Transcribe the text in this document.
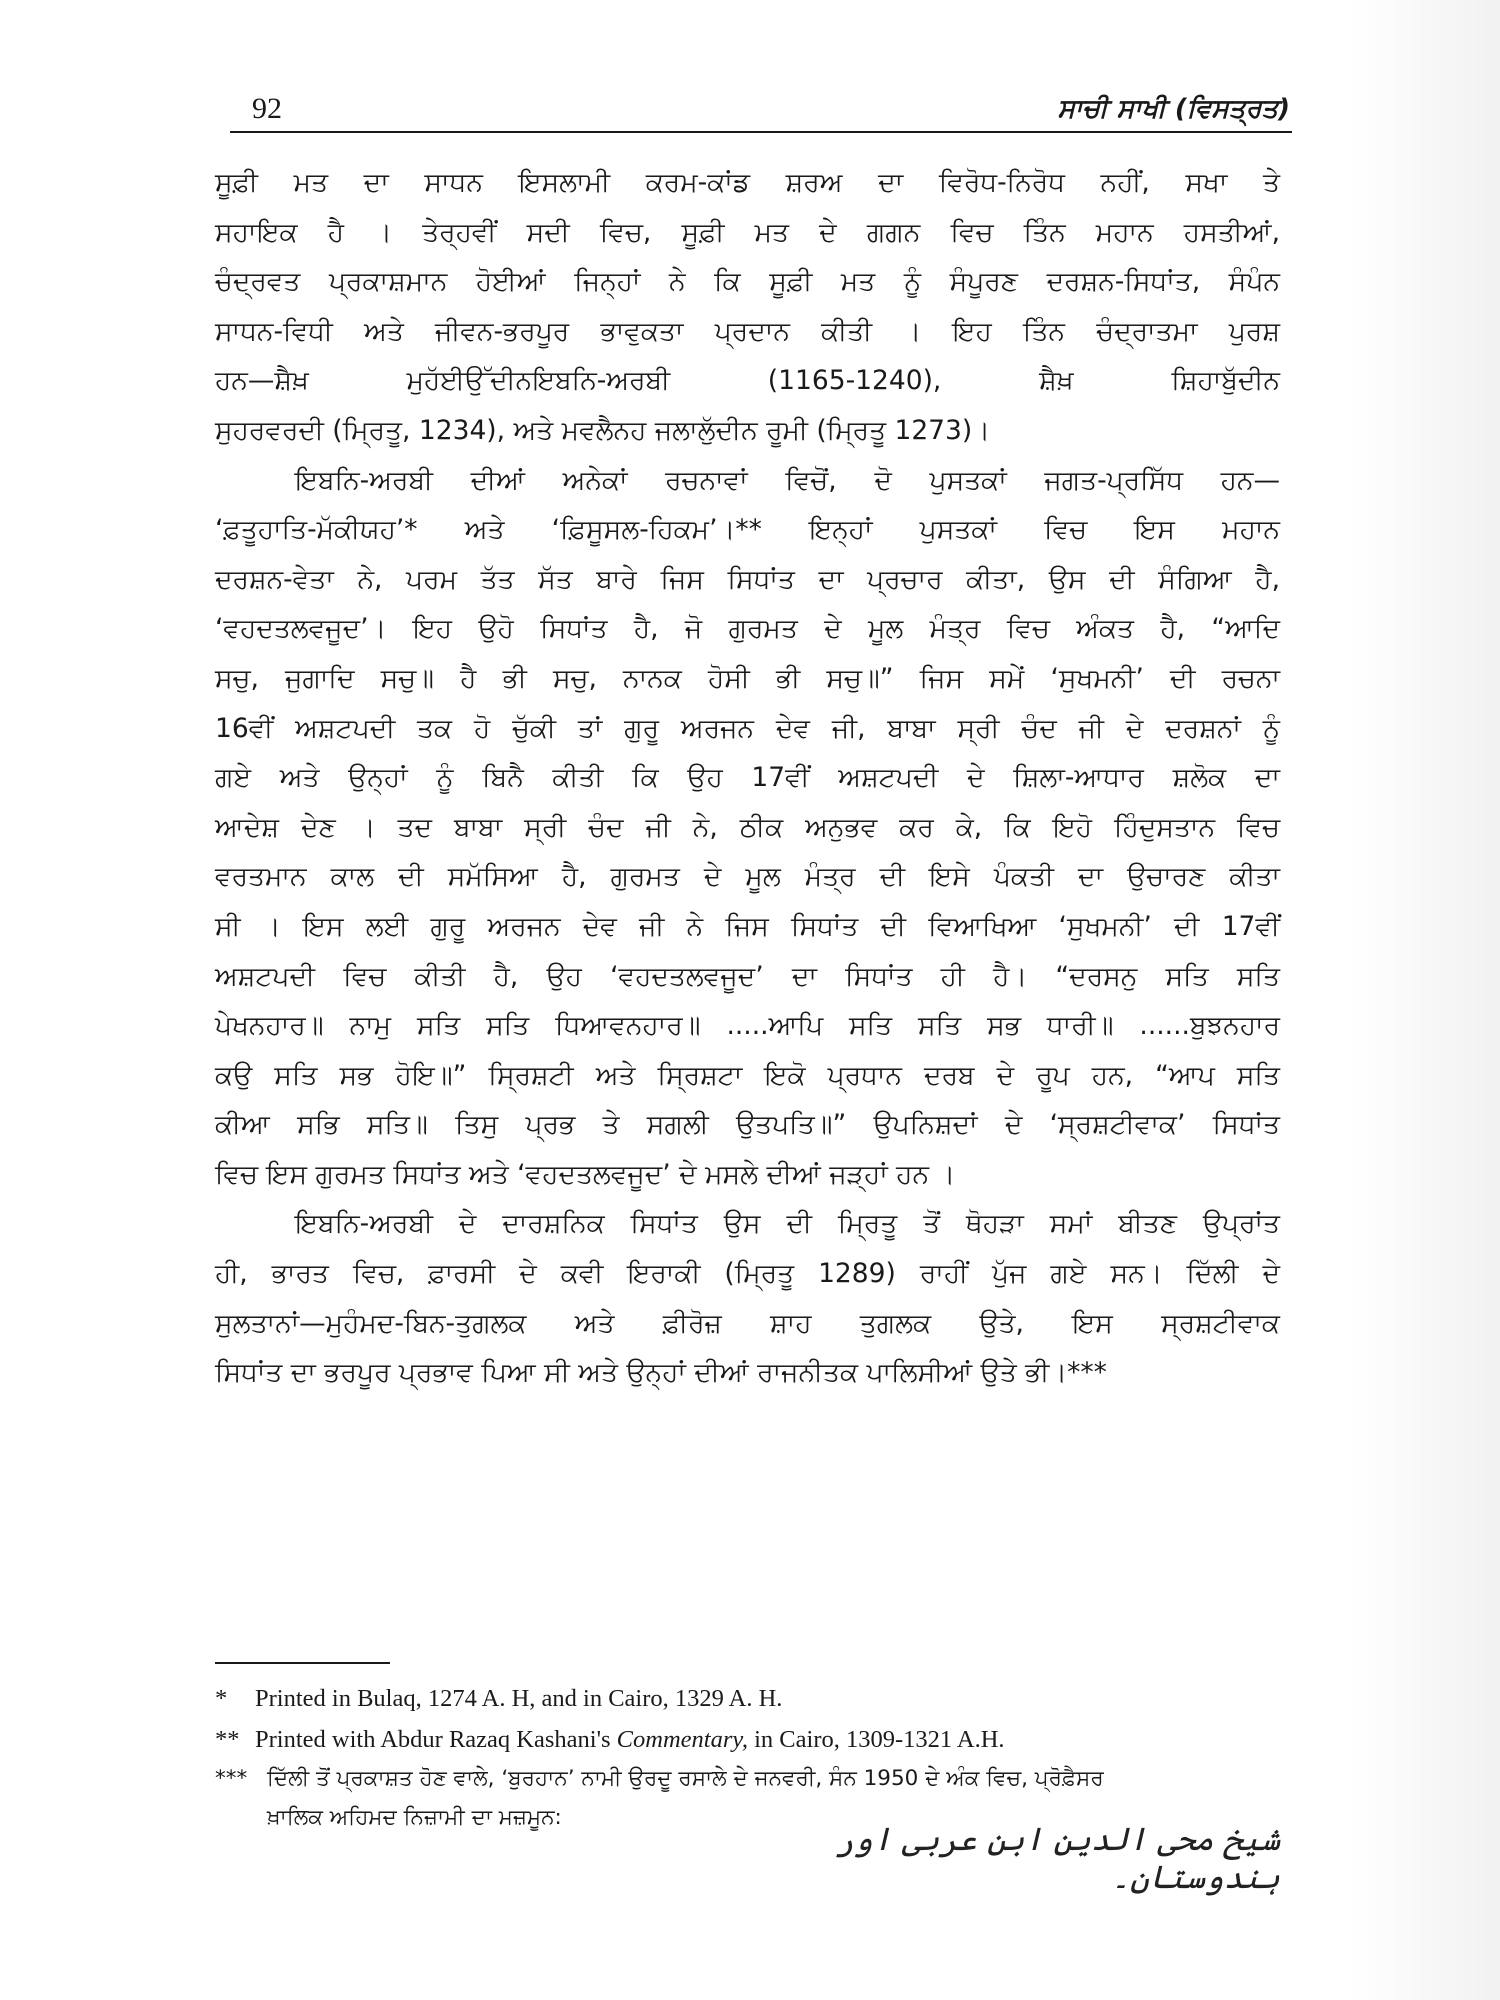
92	ਸਾਚੀ ਸਾਖੀ (ਵਿਸਤ੍ਰਤ)
ਸੂਫ਼ੀ ਮਤ ਦਾ ਸਾਧਨ ਇਸਲਾਮੀ ਕਰਮ-ਕਾਂਡ ਸ਼ਰਅ ਦਾ ਵਿਰੋਧ-ਨਿਰੋਧ ਨਹੀਂ, ਸਖਾ ਤੇ
ਸਹਾਇਕ ਹੈ । ਤੇਰ੍ਹਵੀਂ ਸਦੀ ਵਿਚ, ਸੂਫ਼ੀ ਮਤ ਦੇ ਗਗਨ ਵਿਚ ਤਿੰਨ ਮਹਾਨ ਹਸਤੀਆਂ,
ਚੰਦ੍ਰਵਤ ਪ੍ਰਕਾਸ਼ਮਾਨ ਹੋਈਆਂ ਜਿਨ੍ਹਾਂ ਨੇ ਕਿ ਸੂਫ਼ੀ ਮਤ ਨੂੰ ਸੰਪੂਰਣ ਦਰਸ਼ਨ-ਸਿਧਾਂਤ, ਸੰਪੰਨ
ਸਾਧਨ-ਵਿਧੀ ਅਤੇ ਜੀਵਨ-ਭਰਪੂਰ ਭਾਵੁਕਤਾ ਪ੍ਰਦਾਨ ਕੀਤੀ । ਇਹ ਤਿੰਨ ਚੰਦ੍ਰਾਤਮਾ ਪੁਰਸ਼
ਹਨ—ਸ਼ੈਖ਼ ਮੁਹੱਈਉੱਦੀਨਇਬਨਿ-ਅਰਬੀ (1165-1240), ਸ਼ੈਖ਼ ਸ਼ਿਹਾਬੁੱਦੀਨ
ਸੁਹਰਵਰਦੀ (ਮ੍ਰਿਤੂ, 1234), ਅਤੇ ਮਵਲੈਨਹ ਜਲਾਲੁੱਦੀਨ ਰੂਮੀ (ਮ੍ਰਿਤੂ 1273)।
ਇਬਨਿ-ਅਰਬੀ ਦੀਆਂ ਅਨੇਕਾਂ ਰਚਨਾਵਾਂ ਵਿਚੋਂ, ਦੋ ਪੁਸਤਕਾਂ ਜਗਤ-ਪ੍ਰਸਿੱਧ ਹਨ—
‘ਫ਼ਤੂਹਾਤਿ-ਮੱਕੀਯਹ’* ਅਤੇ ‘ਫ਼ਿਸੂਸਲ-ਹਿਕਮ’।** ਇਨ੍ਹਾਂ ਪੁਸਤਕਾਂ ਵਿਚ ਇਸ ਮਹਾਨ
ਦਰਸ਼ਨ-ਵੇਤਾ ਨੇ, ਪਰਮ ਤੱਤ ਸੱਤ ਬਾਰੇ ਜਿਸ ਸਿਧਾਂਤ ਦਾ ਪ੍ਰਚਾਰ ਕੀਤਾ, ਉਸ ਦੀ ਸੰਗਿਆ ਹੈ,
‘ਵਹਦਤਲਵਜੂਦ’। ਇਹ ਉਹੋ ਸਿਧਾਂਤ ਹੈ, ਜੋ ਗੁਰਮਤ ਦੇ ਮੂਲ ਮੰਤ੍ਰ ਵਿਚ ਅੰਕਤ ਹੈ, “ਆਦਿ
ਸਚੁ, ਜੁਗਾਦਿ ਸਚੁ॥ ਹੈ ਭੀ ਸਚੁ, ਨਾਨਕ ਹੋਸੀ ਭੀ ਸਚੁ॥” ਜਿਸ ਸਮੇਂ ‘ਸੁਖਮਨੀ’ ਦੀ ਰਚਨਾ
16ਵੀਂ ਅਸ਼ਟਪਦੀ ਤਕ ਹੋ ਚੁੱਕੀ ਤਾਂ ਗੁਰੂ ਅਰਜਨ ਦੇਵ ਜੀ, ਬਾਬਾ ਸ੍ਰੀ ਚੰਦ ਜੀ ਦੇ ਦਰਸ਼ਨਾਂ ਨੂੰ
ਗਏ ਅਤੇ ਉਨ੍ਹਾਂ ਨੂੰ ਬਿਨੈ ਕੀਤੀ ਕਿ ਉਹ 17ਵੀਂ ਅਸ਼ਟਪਦੀ ਦੇ ਸ਼ਿਲਾ-ਆਧਾਰ ਸ਼ਲੋਕ ਦਾ
ਆਦੇਸ਼ ਦੇਣ । ਤਦ ਬਾਬਾ ਸ੍ਰੀ ਚੰਦ ਜੀ ਨੇ, ਠੀਕ ਅਨੁਭਵ ਕਰ ਕੇ, ਕਿ ਇਹੋ ਹਿੰਦੁਸਤਾਨ ਵਿਚ
ਵਰਤਮਾਨ ਕਾਲ ਦੀ ਸਮੱਸਿਆ ਹੈ, ਗੁਰਮਤ ਦੇ ਮੂਲ ਮੰਤ੍ਰ ਦੀ ਇਸੇ ਪੰਕਤੀ ਦਾ ਉਚਾਰਣ ਕੀਤਾ
ਸੀ । ਇਸ ਲਈ ਗੁਰੂ ਅਰਜਨ ਦੇਵ ਜੀ ਨੇ ਜਿਸ ਸਿਧਾਂਤ ਦੀ ਵਿਆਖਿਆ ‘ਸੁਖਮਨੀ’ ਦੀ 17ਵੀਂ
ਅਸ਼ਟਪਦੀ ਵਿਚ ਕੀਤੀ ਹੈ, ਉਹ ‘ਵਹਦਤਲਵਜੂਦ’ ਦਾ ਸਿਧਾਂਤ ਹੀ ਹੈ। “ਦਰਸਨੁ ਸਤਿ ਸਤਿ
ਪੇਖਨਹਾਰ॥ ਨਾਮੁ ਸਤਿ ਸਤਿ ਧਿਆਵਨਹਾਰ॥ .....ਆਪਿ ਸਤਿ ਸਤਿ ਸਭ ਧਾਰੀ॥ ......ਬੁਝਨਹਾਰ
ਕਉ ਸਤਿ ਸਭ ਹੋਇ॥” ਸ੍ਰਿਸ਼ਟੀ ਅਤੇ ਸ੍ਰਿਸ਼ਟਾ ਇਕੋ ਪ੍ਰਧਾਨ ਦਰਬ ਦੇ ਰੂਪ ਹਨ, “ਆਪ ਸਤਿ
ਕੀਆ ਸਭਿ ਸਤਿ॥ ਤਿਸੁ ਪ੍ਰਭ ਤੇ ਸਗਲੀ ਉਤਪਤਿ॥” ਉਪਨਿਸ਼ਦਾਂ ਦੇ ‘ਸ੍ਰਸ਼ਟੀਵਾਕ’ ਸਿਧਾਂਤ
ਵਿਚ ਇਸ ਗੁਰਮਤ ਸਿਧਾਂਤ ਅਤੇ ‘ਵਹਦਤਲਵਜੂਦ’ ਦੇ ਮਸਲੇ ਦੀਆਂ ਜੜ੍ਹਾਂ ਹਨ ।
ਇਬਨਿ-ਅਰਬੀ ਦੇ ਦਾਰਸ਼ਨਿਕ ਸਿਧਾਂਤ ਉਸ ਦੀ ਮ੍ਰਿਤੂ ਤੋਂ ਥੋਹੜਾ ਸਮਾਂ ਬੀਤਣ ਉਪ੍ਰਾਂਤ
ਹੀ, ਭਾਰਤ ਵਿਚ, ਫ਼ਾਰਸੀ ਦੇ ਕਵੀ ਇਰਾਕੀ (ਮ੍ਰਿਤੂ 1289) ਰਾਹੀਂ ਪੁੱਜ ਗਏ ਸਨ। ਦਿੱਲੀ ਦੇ
ਸੁਲਤਾਨਾਂ—ਮੁਹੰਮਦ-ਬਿਨ-ਤੁਗਲਕ ਅਤੇ ਫ਼ੀਰੋਜ਼ ਸ਼ਾਹ ਤੁਗਲਕ ਉਤੇ, ਇਸ ਸ੍ਰਸ਼ਟੀਵਾਕ
ਸਿਧਾਂਤ ਦਾ ਭਰਪੂਰ ਪ੍ਰਭਾਵ ਪਿਆ ਸੀ ਅਤੇ ਉਨ੍ਹਾਂ ਦੀਆਂ ਰਾਜਨੀਤਕ ਪਾਲਿਸੀਆਂ ਉਤੇ ਭੀ।***
*	Printed in Bulaq, 1274 A. H, and in Cairo, 1329 A. H.
** Printed with Abdur Razaq Kashani's Commentary, in Cairo, 1309-1321 A.H.
*** ਦਿੱਲੀ ਤੋਂ ਪ੍ਰਕਾਸ਼ਤ ਹੋਣ ਵਾਲੇ, ‘ਬੁਰਹਾਨ’ ਨਾਮੀ ਉਰਦੂ ਰਸਾਲੇ ਦੇ ਜਨਵਰੀ, ਸੰਨ 1950 ਦੇ ਅੰਕ ਵਿਚ, ਪ੍ਰੋਫ਼ੈਸਰ
ਖ਼ਾਲਿਕ ਅਹਿਮਦ ਨਿਜ਼ਾਮੀ ਦਾ ਮਜ਼ਮੂਨ:
شیخ محی الدین ابن عربی اور ہندوستان۔
